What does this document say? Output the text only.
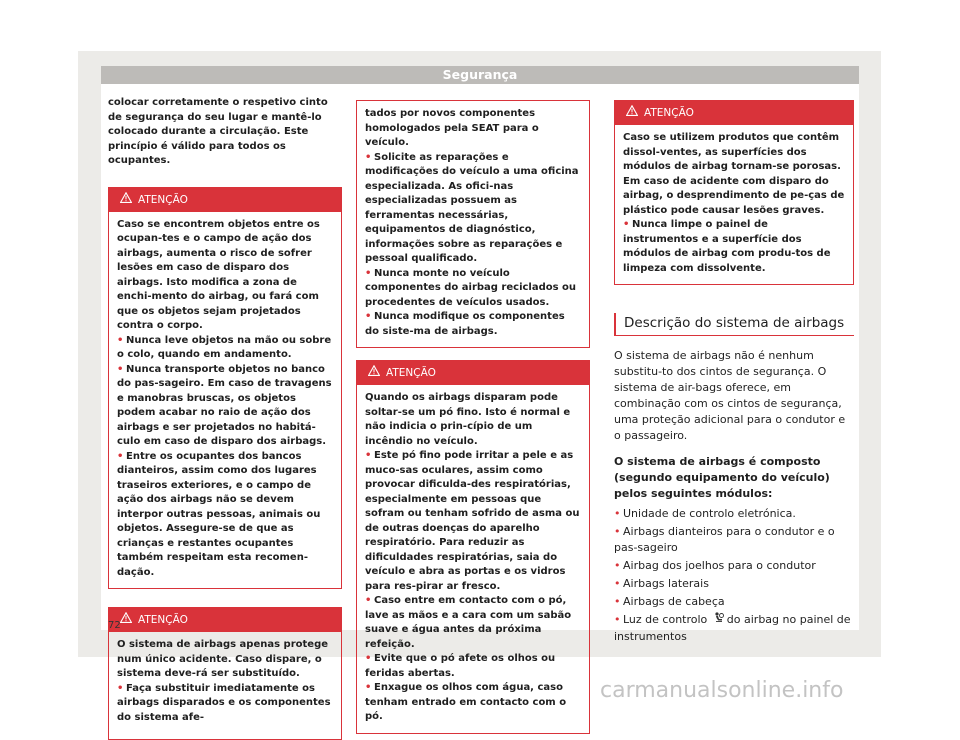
Segurança

colocar corretamente o respetivo cinto de segurança do seu lugar e mantê-lo colocado durante a circulação. Este princípio é válido para todos os ocupantes.

ATENÇÃO

Caso se encontrem objetos entre os ocupan-tes e o campo de ação dos airbags, aumenta o risco de sofrer lesões em caso de disparo dos airbags. Isto modifica a zona de enchi-mento do airbag, ou fará com que os objetos sejam projetados contra o corpo.

• Nunca leve objetos na mão ou sobre o colo, quando em andamento.

• Nunca transporte objetos no banco do pas-sageiro. Em caso de travagens e manobras bruscas, os objetos podem acabar no raio de ação dos airbags e ser projetados no habitá-culo em caso de disparo dos airbags.

• Entre os ocupantes dos bancos dianteiros, assim como dos lugares traseiros exteriores, e o campo de ação dos airbags não se devem interpor outras pessoas, animais ou objetos. Assegure-se de que as crianças e restantes ocupantes também respeitam esta recomen-dação.

ATENÇÃO

O sistema de airbags apenas protege num único acidente. Caso dispare, o sistema deve-rá ser substituído.

• Faça substituir imediatamente os airbags disparados e os componentes do sistema afe-

tados por novos componentes homologados pela SEAT para o veículo.

• Solicite as reparações e modificações do veículo a uma oficina especializada. As ofici-nas especializadas possuem as ferramentas necessárias, equipamentos de diagnóstico, informações sobre as reparações e pessoal qualificado.

• Nunca monte no veículo componentes do airbag reciclados ou procedentes de veículos usados.

• Nunca modifique os componentes do siste-ma de airbags.

ATENÇÃO

Quando os airbags disparam pode soltar-se um pó fino. Isto é normal e não indicia o prin-cípio de um incêndio no veículo.

• Este pó fino pode irritar a pele e as muco-sas oculares, assim como provocar dificulda-des respiratórias, especialmente em pessoas que sofram ou tenham sofrido de asma ou de outras doenças do aparelho respiratório. Para reduzir as dificuldades respiratórias, saia do veículo e abra as portas e os vidros para res-pirar ar fresco.

• Caso entre em contacto com o pó, lave as mãos e a cara com um sabão suave e água antes da próxima refeição.

• Evite que o pó afete os olhos ou feridas abertas.

• Enxague os olhos com água, caso tenham entrado em contacto com o pó.

ATENÇÃO

Caso se utilizem produtos que contêm dissol-ventes, as superfícies dos módulos de airbag tornam-se porosas. Em caso de acidente com disparo do airbag, o desprendimento de pe-ças de plástico pode causar lesões graves.

• Nunca limpe o painel de instrumentos e a superfície dos módulos de airbag com produ-tos de limpeza com dissolvente.

Descrição do sistema de airbags

O sistema de airbags não é nenhum substitu-to dos cintos de segurança. O sistema de air-bags oferece, em combinação com os cintos de segurança, uma proteção adicional para o condutor e o passageiro.

O sistema de airbags é composto (segundo equipamento do veículo) pelos seguintes módulos:

• Unidade de controlo eletrónica.

• Airbags dianteiros para o condutor e o pas-sageiro

• Airbag dos joelhos para o condutor

• Airbags laterais

• Airbags de cabeça

• Luz de controlo do airbag no painel de instrumentos

72
carmanualsonline.info
